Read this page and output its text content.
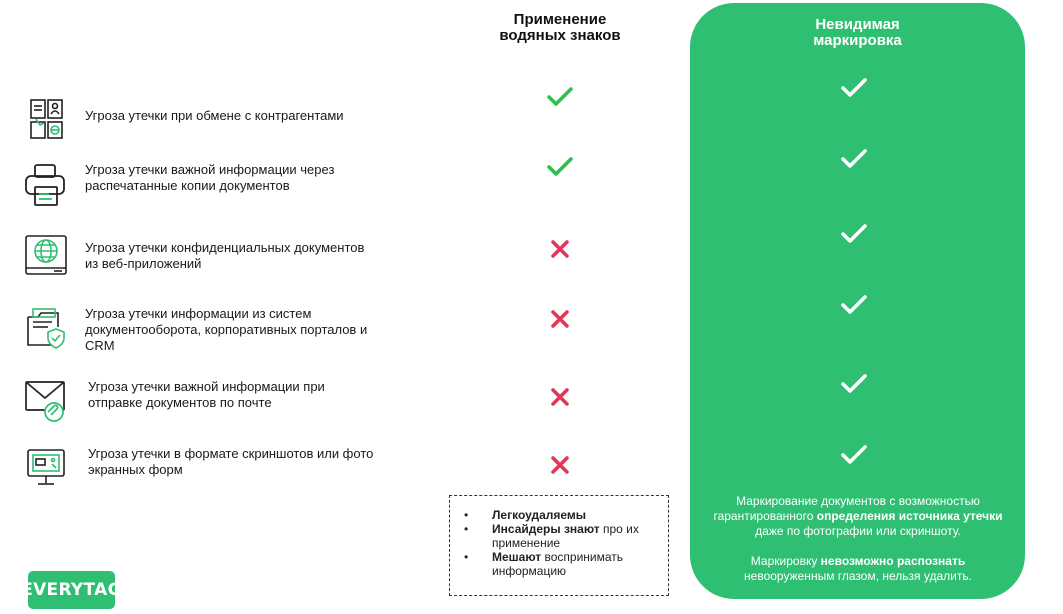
Применение
водяных знаков
Невидимая
маркировка
Угроза утечки при обмене с контрагентами
Угроза утечки важной информации через распечатанные копии документов
Угроза утечки конфиденциальных документов из веб-приложений
Угроза утечки информации из систем документооборота, корпоративных порталов и CRM
Угроза утечки важной информации при отправке документов по почте
Угроза утечки в формате скриншотов или фото экранных форм
• Легкоудаляемы
• Инсайдеры знают про их применение
• Мешают воспринимать информацию
Маркирование документов с возможностью гарантированного определения источника утечки даже по фотографии или скриншоту.
Маркировку невозможно распознать невооруженным глазом, нельзя удалить.
EVERYTAG
